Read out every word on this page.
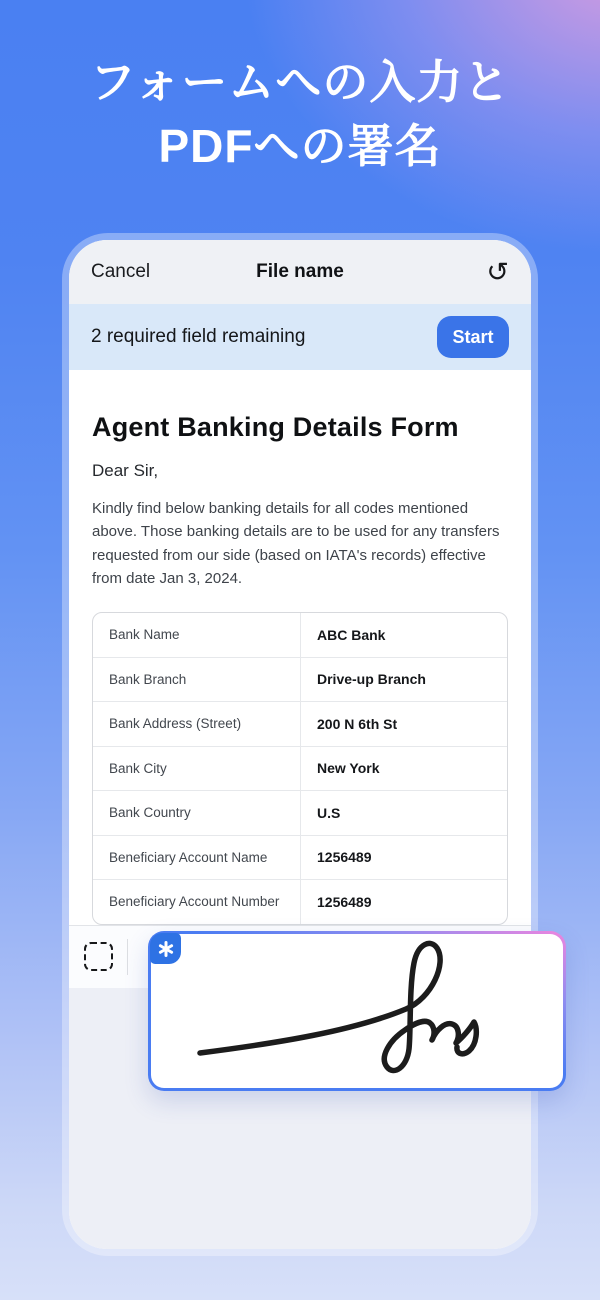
フォームへの入力と
PDFへの署名
Cancel	File name	↺
2 required field remaining	Start
Agent Banking Details Form

Dear Sir,

Kindly find below banking details for all codes mentioned above. Those banking details are to be used for any transfers requested from our side (based on IATA's records) effective from date Jan 3, 2024.

Bank Name	ABC Bank
Bank Branch	Drive-up Branch
Bank Address (Street)	200 N 6th St
Bank City	New York
Bank Country	U.S
Beneficiary Account Name	1256489
Beneficiary Account Number	1256489
